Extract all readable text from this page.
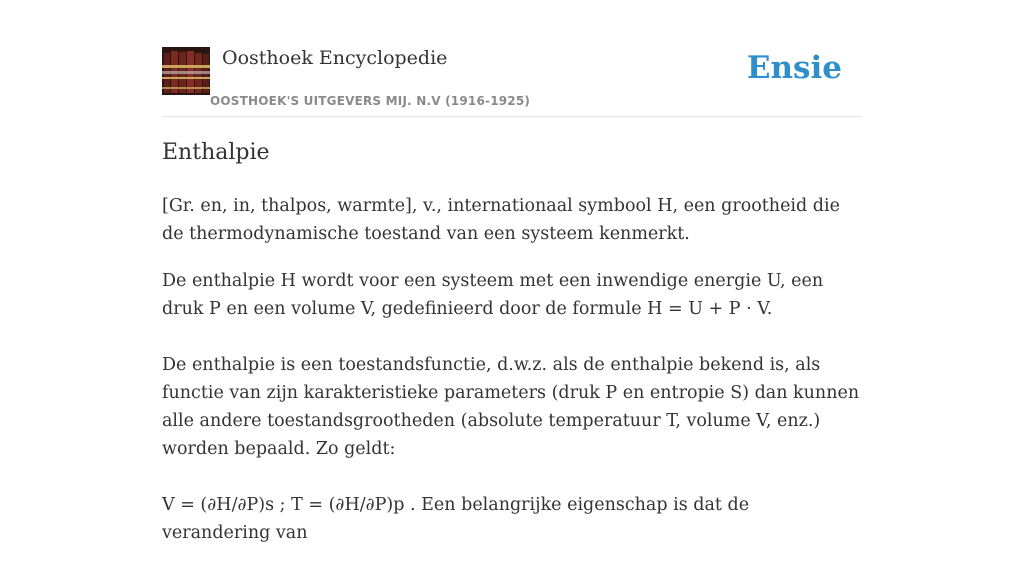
Oosthoek Encyclopedie
OOSTHOEK'S UITGEVERS MIJ. N.V (1916-1925)
Ensie
Enthalpie

[Gr. en, in, thalpos, warmte], v., internationaal symbool H, een grootheid die de thermodynamische toestand van een systeem kenmerkt.

De enthalpie H wordt voor een systeem met een inwendige energie U, een druk P en een volume V, gedefinieerd door de formule H = U + P · V.

De enthalpie is een toestandsfunctie, d.w.z. als de enthalpie bekend is, als functie van zijn karakteristieke parameters (druk P en entropie S) dan kunnen alle andere toestandsgrootheden (absolute temperatuur T, volume V, enz.) worden bepaald. Zo geldt:

V = (∂H/∂P)s ; T = (∂H/∂P)p . Een belangrijke eigenschap is dat de verandering van
